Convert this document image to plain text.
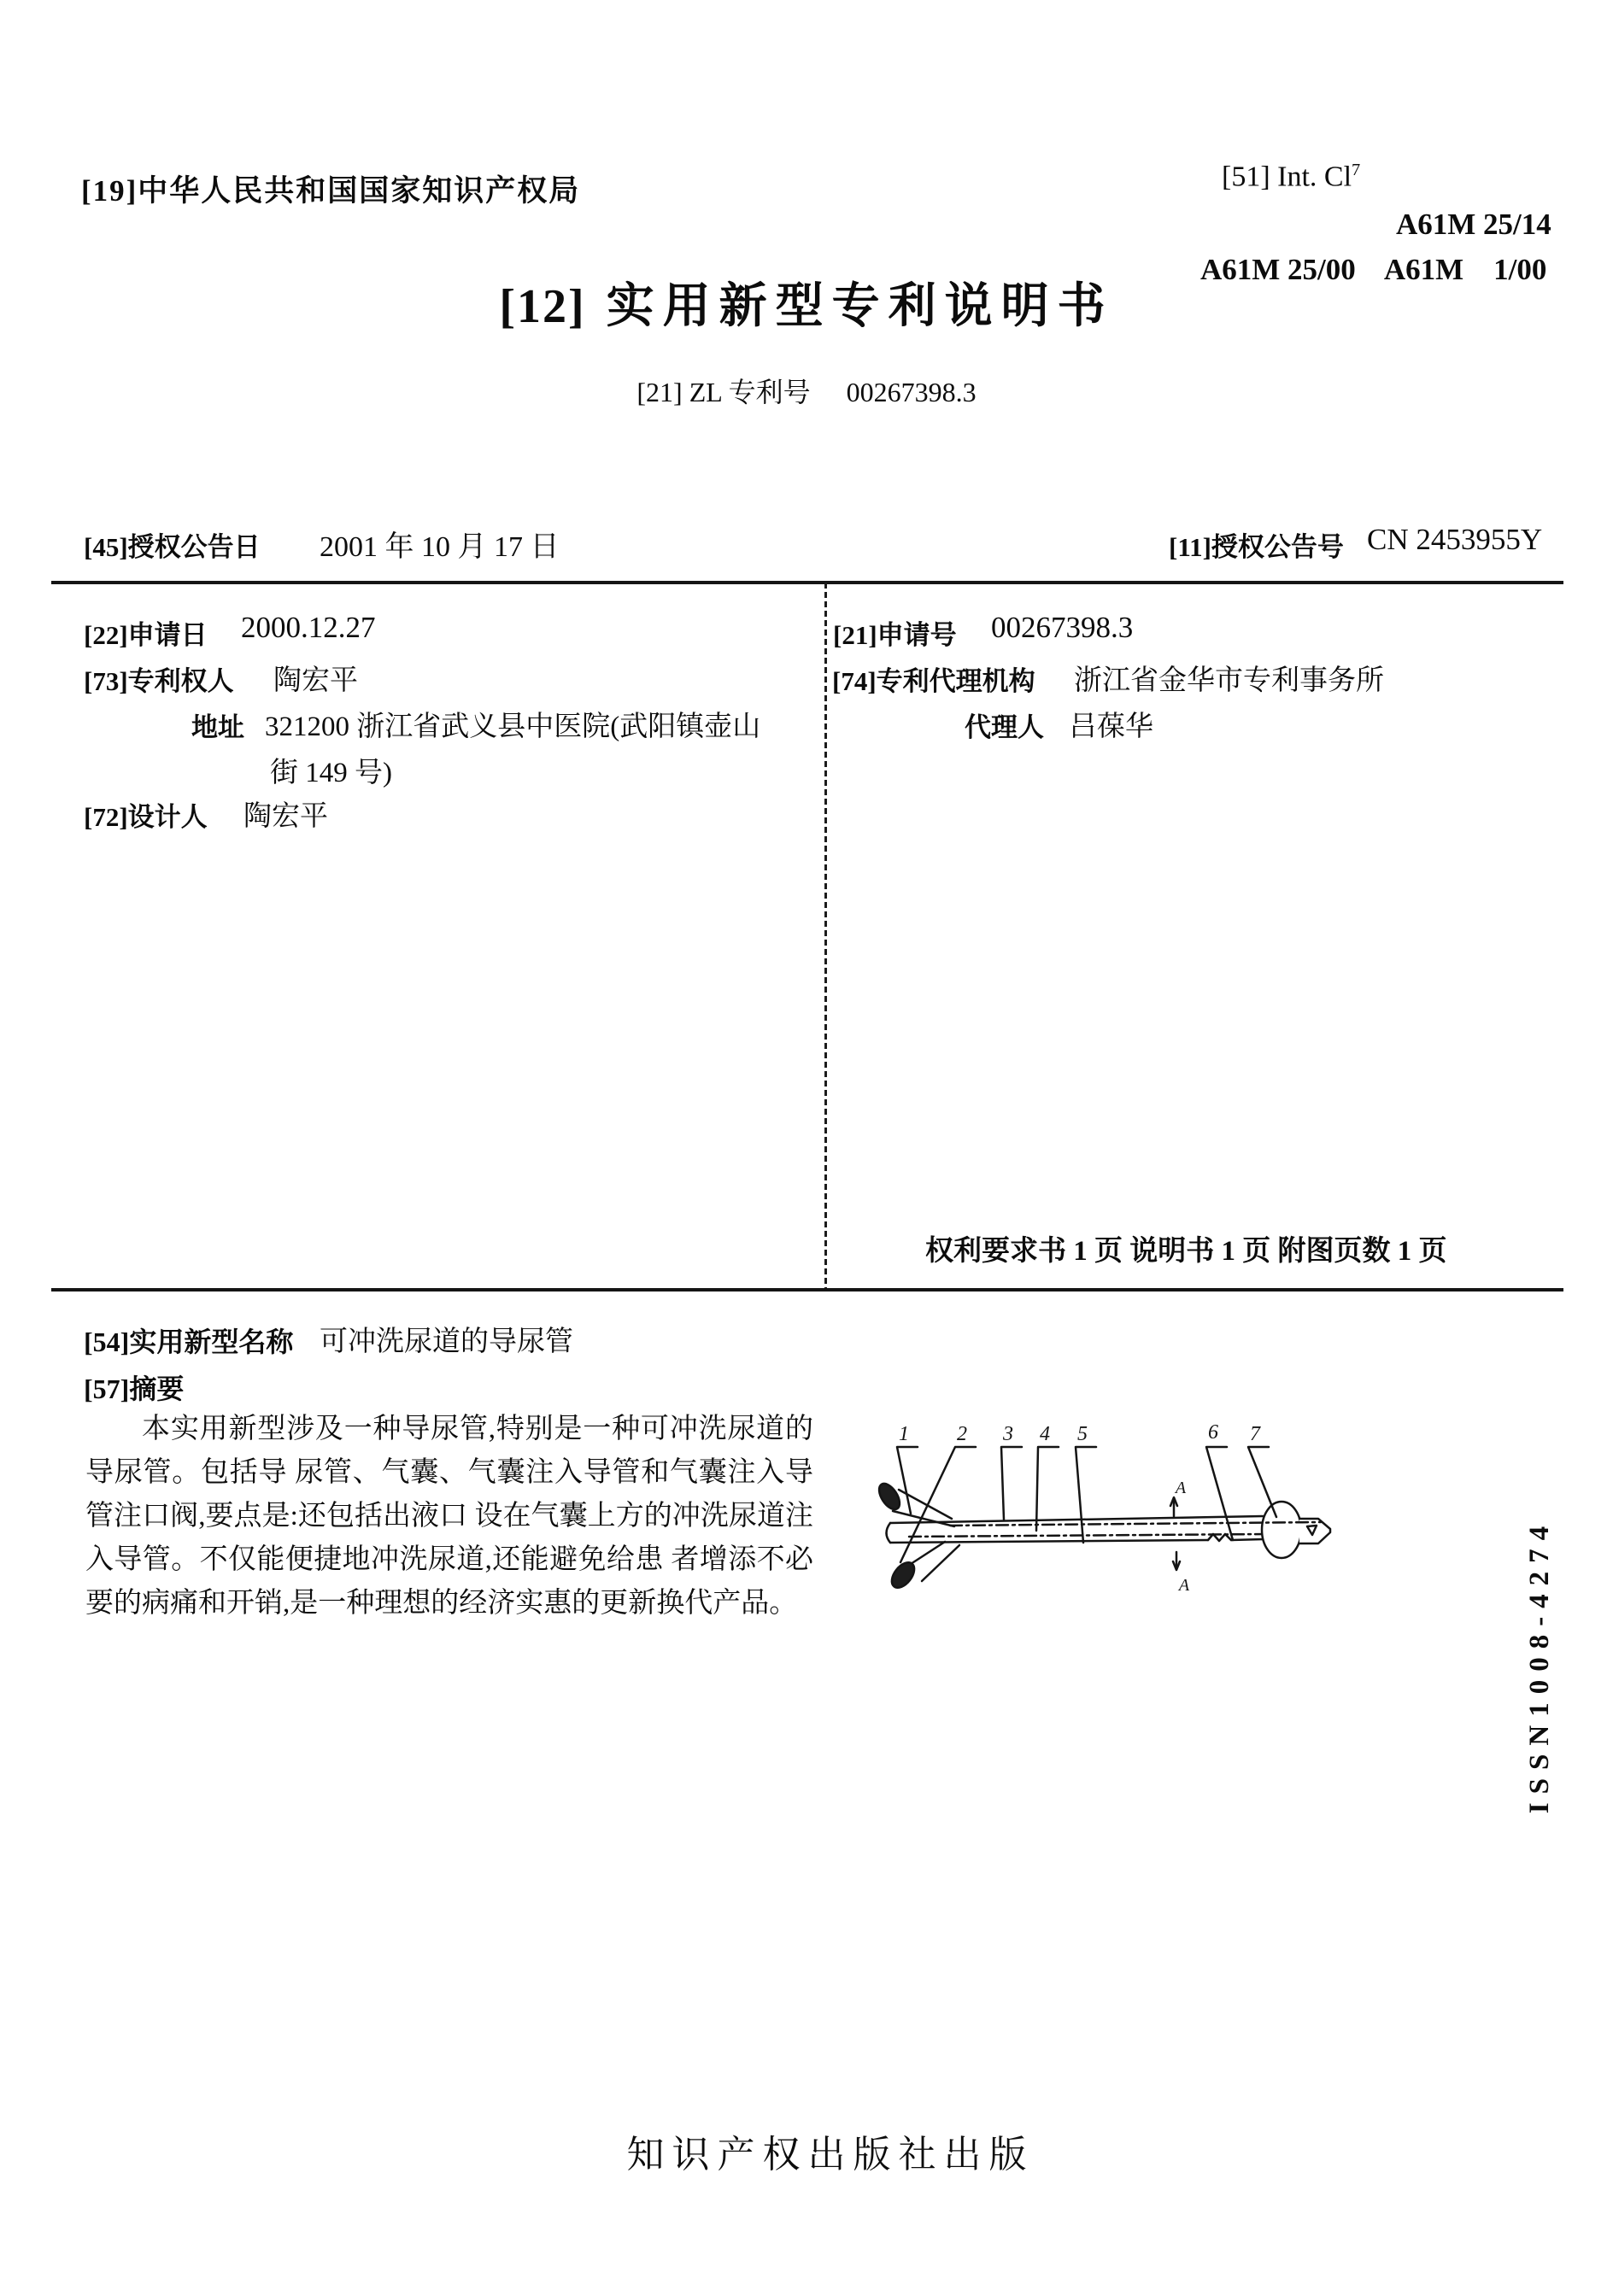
[19]中华人民共和国国家知识产权局	[51] Int. Cl$^7$
A61M 25/14
A61M 25/00    A61M    1/00
[12] 实用新型专利说明书
[21] ZL 专利号 00267398.3
[45]授权公告日 2001 年 10 月 17 日	[11]授权公告号 CN 2453955Y
[22]申请日 2000.12.27
[73]专利权人 陶宏平
地址 321200 浙江省武义县中医院(武阳镇壶山
街 149 号)
[72]设计人 陶宏平
[21]申请号 00267398.3
[74]专利代理机构 浙江省金华市专利事务所
代理人 吕葆华
权利要求书 1 页 说明书 1 页 附图页数 1 页
[54]实用新型名称 可冲洗尿道的导尿管
[57]摘要
本实用新型涉及一种导尿管,特别是一种可冲洗尿道的导尿管。包括导 尿管、气囊、气囊注入导管和气囊注入导管注口阀,要点是:还包括出液口 设在气囊上方的冲洗尿道注入导管。不仅能便捷地冲洗尿道,还能避免给患 者增添不必要的病痛和开销,是一种理想的经济实惠的更新换代产品。
1 2 3 4 5	6 7
A
A	ISSN1008-4274
知识产权出版社出版
